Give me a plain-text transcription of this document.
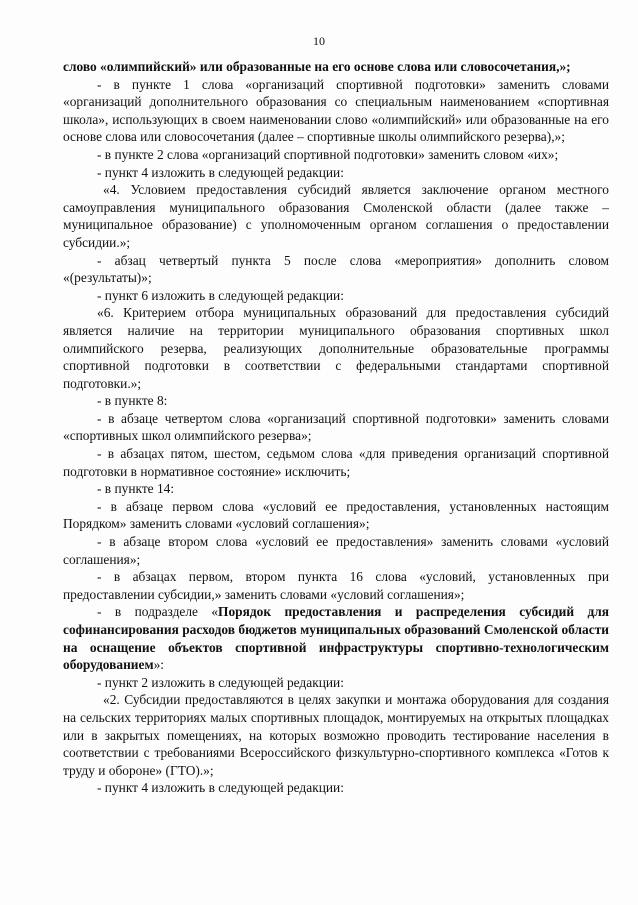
10

слово «олимпийский» или образованные на его основе слова или словосочетания,»;

- в пункте 1 слова «организаций спортивной подготовки» заменить словами «организаций дополнительного образования со специальным наименованием «спортивная школа», использующих в своем наименовании слово «олимпийский» или образованные на его основе слова или словосочетания (далее – спортивные школы олимпийского резерва),»;

- в пункте 2 слова «организаций спортивной подготовки» заменить словом «их»;

- пункт 4 изложить в следующей редакции:

«4. Условием предоставления субсидий является заключение органом местного самоуправления муниципального образования Смоленской области (далее также – муниципальное образование) с уполномоченным органом соглашения о предоставлении субсидии.»;

- абзац четвертый пункта 5 после слова «мероприятия» дополнить словом «(результаты)»;

- пункт 6 изложить в следующей редакции:

«6. Критерием отбора муниципальных образований для предоставления субсидий является наличие на территории муниципального образования спортивных школ олимпийского резерва, реализующих дополнительные образовательные программы спортивной подготовки в соответствии с федеральными стандартами спортивной подготовки.»;

- в пункте 8:

- в абзаце четвертом слова «организаций спортивной подготовки» заменить словами «спортивных школ олимпийского резерва»;

- в абзацах пятом, шестом, седьмом слова «для приведения организаций спортивной подготовки в нормативное состояние» исключить;

- в пункте 14:

- в абзаце первом слова «условий ее предоставления, установленных настоящим Порядком» заменить словами «условий соглашения»;

- в абзаце втором слова «условий ее предоставления» заменить словами «условий соглашения»;

- в абзацах первом, втором пункта 16 слова «условий, установленных при предоставлении субсидии,» заменить словами «условий соглашения»;

- в подразделе «Порядок предоставления и распределения субсидий для софинансирования расходов бюджетов муниципальных образований Смоленской области на оснащение объектов спортивной инфраструктуры спортивно-технологическим оборудованием»:

- пункт 2 изложить в следующей редакции:

«2. Субсидии предоставляются в целях закупки и монтажа оборудования для создания на сельских территориях малых спортивных площадок, монтируемых на открытых площадках или в закрытых помещениях, на которых возможно проводить тестирование населения в соответствии с требованиями Всероссийского физкультурно-спортивного комплекса «Готов к труду и обороне» (ГТО).»;

- пункт 4 изложить в следующей редакции:
